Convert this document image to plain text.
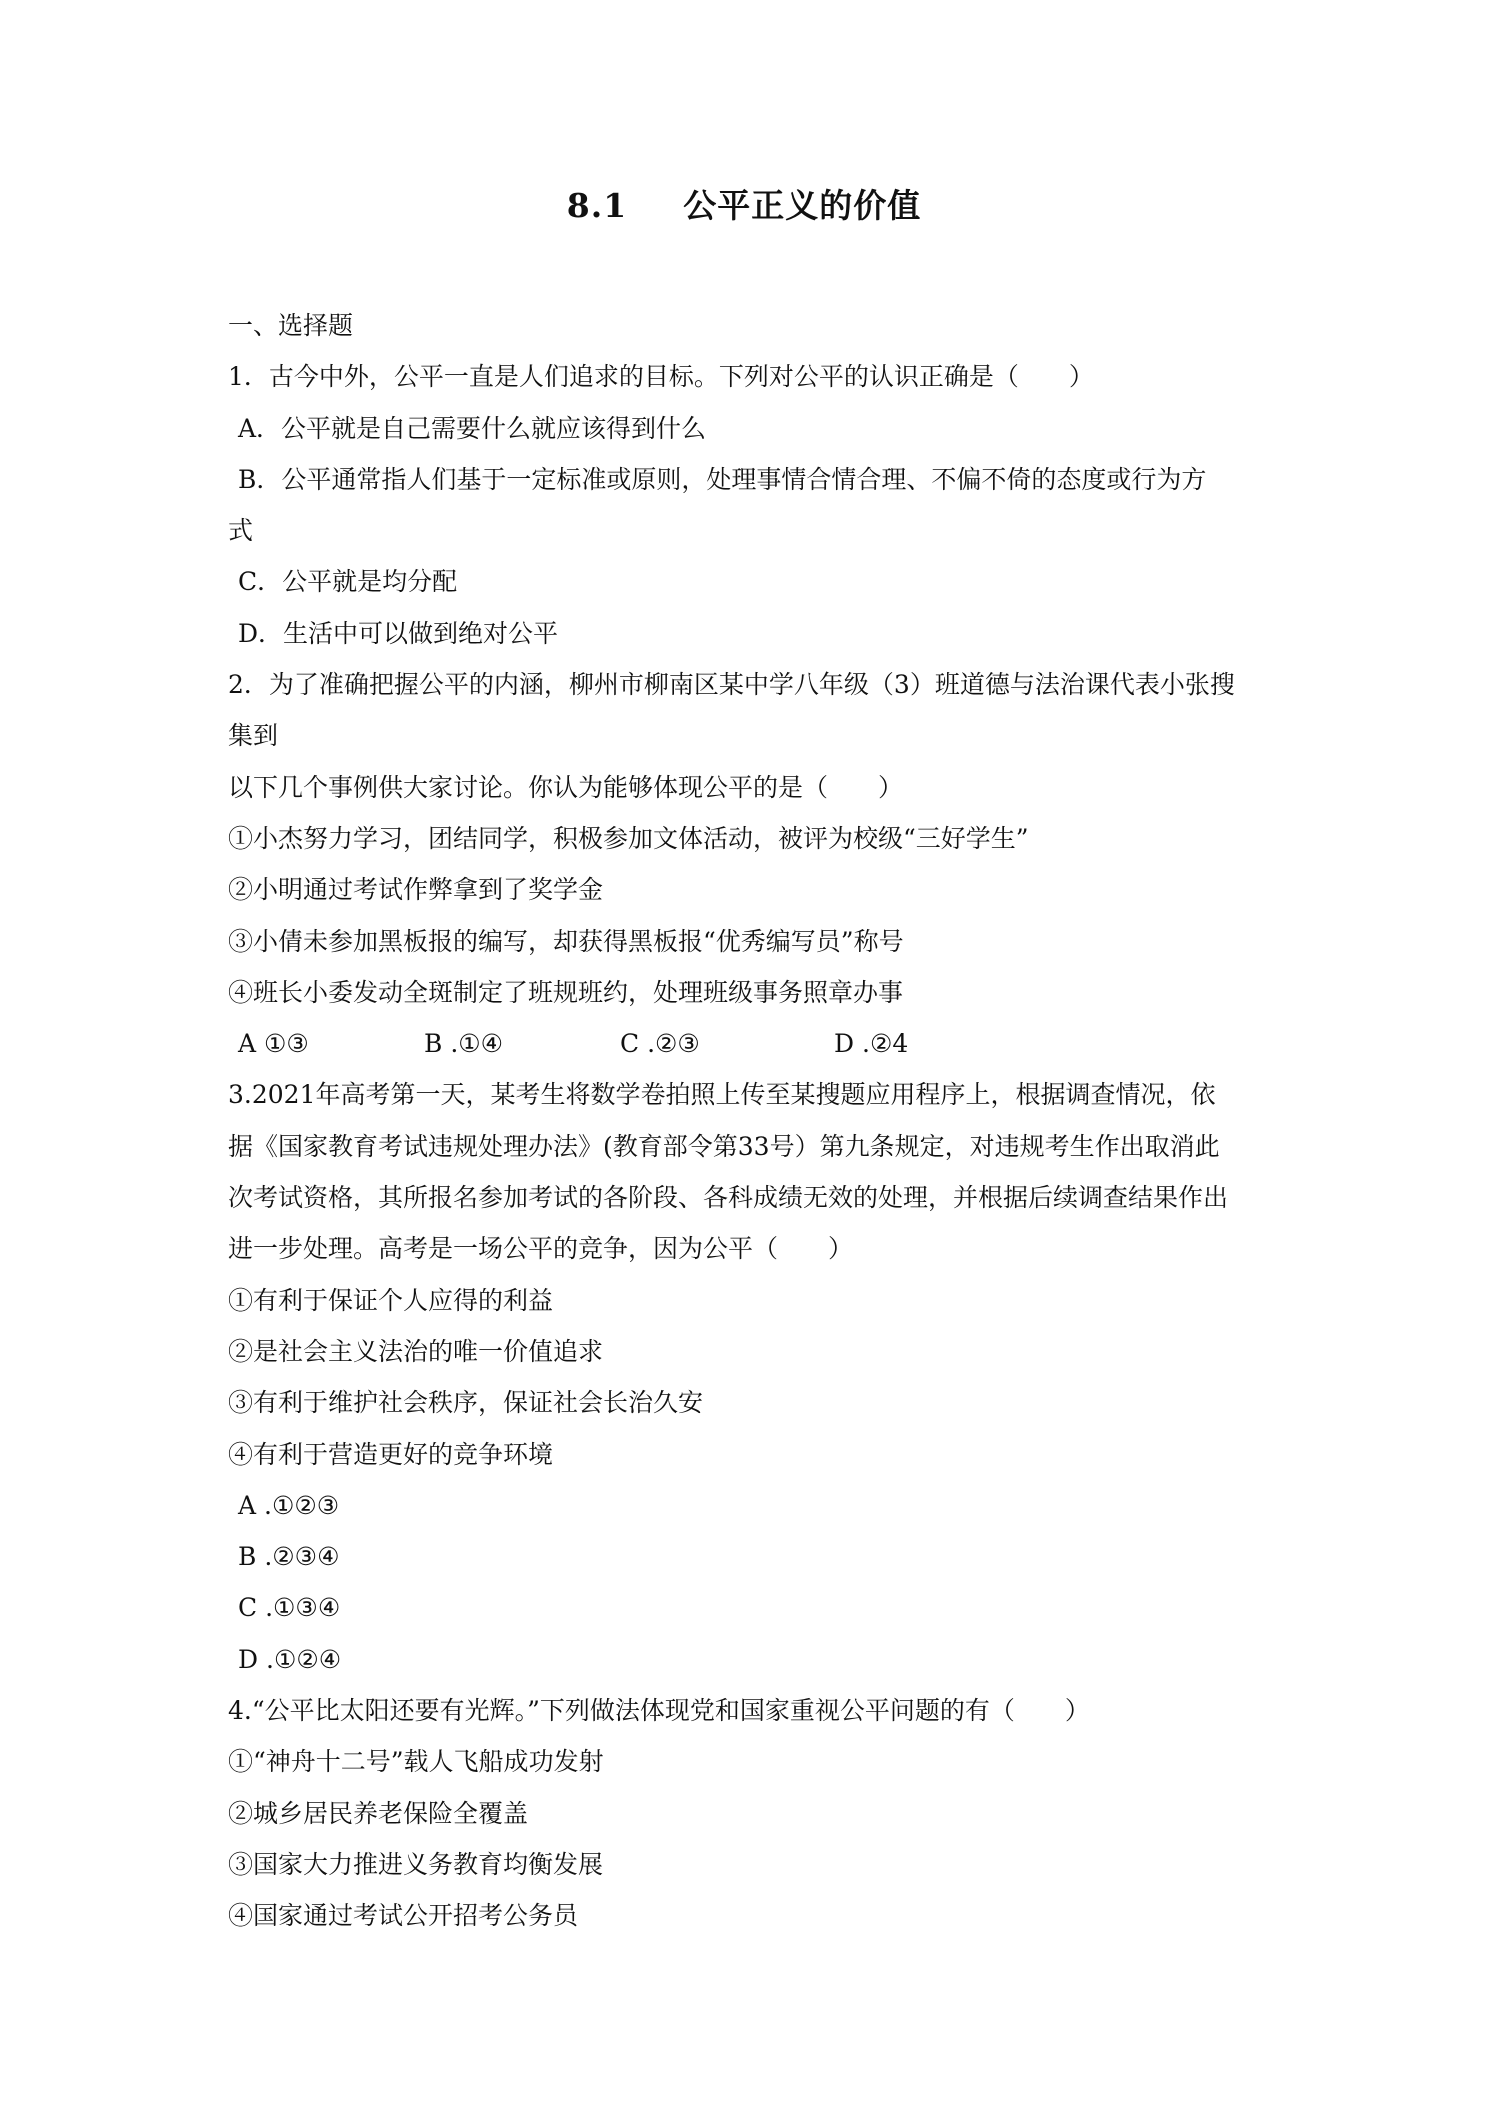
8.1 公平正义的价值
一、选择题
1．古今中外，公平一直是人们追求的目标。下列对公平的认识正确是（　　）
A．公平就是自己需要什么就应该得到什么
B．公平通常指人们基于一定标准或原则，处理事情合情合理、不偏不倚的态度或行为方
式
C．公平就是均分配
D．生活中可以做到绝对公平
2．为了准确把握公平的内涵，柳州市柳南区某中学八年级（3）班道德与法治课代表小张搜
集到
以下几个事例供大家讨论。你认为能够体现公平的是（　　）
①小杰努力学习，团结同学，积极参加文体活动，被评为校级“三好学生”
②小明通过考试作弊拿到了奖学金
③小倩未参加黑板报的编写，却获得黑板报“优秀编写员”称号
④班长小委发动全斑制定了班规班约，处理班级事务照章办事
A ①③	B .①④	C .②③	D .②4
3.2021年高考第一天，某考生将数学卷拍照上传至某搜题应用程序上，根据调查情况，依
据《国家教育考试违规处理办法》(教育部令第33号）第九条规定，对违规考生作出取消此
次考试资格，其所报名参加考试的各阶段、各科成绩无效的处理，并根据后续调查结果作出
进一步处理。高考是一场公平的竞争，因为公平（　　）
①有利于保证个人应得的利益
②是社会主义法治的唯一价值追求
③有利于维护社会秩序，保证社会长治久安
④有利于营造更好的竞争环境
A .①②③
B .②③④
C .①③④
D .①②④
4.“公平比太阳还要有光辉。”下列做法体现党和国家重视公平问题的有（　　）
①“神舟十二号”载人飞船成功发射
②城乡居民养老保险全覆盖
③国家大力推进义务教育均衡发展
④国家通过考试公开招考公务员
